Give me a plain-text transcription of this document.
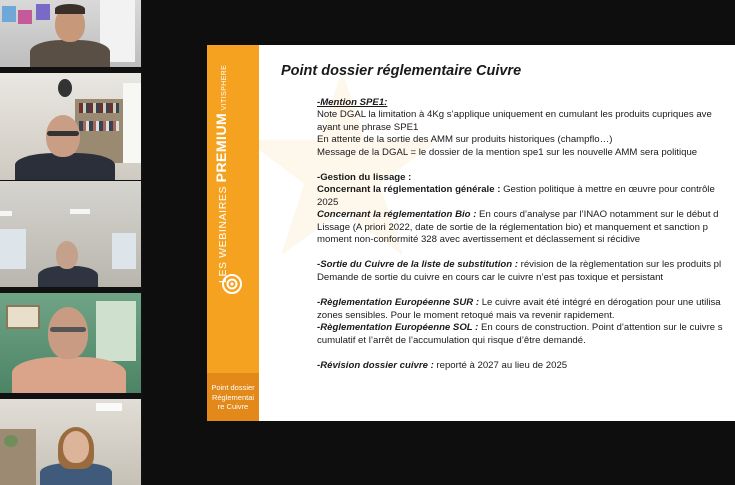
LES WEBINAIRES PREMIUM VITISPHERE
Point dossier
Réglementai
re Cuivre
Point dossier réglementaire Cuivre

-Mention SPE1:

Note DGAL la limitation à 4Kg s’applique uniquement en cumulant les produits cupriques ave

ayant une phrase SPE1

En attente de la sortie des AMM sur produits historiques (champflo…)

Message de la DGAL = le dossier de la mention spe1 sur les nouvelle AMM sera politique

-Gestion du lissage :

Concernant la réglementation générale : Gestion politique à mettre en œuvre pour contrôle

2025

Concernant la réglementation Bio : En cours d’analyse par l’INAO notamment sur le début d

Lissage (A priori 2022, date de sortie de la réglementation bio) et manquement et sanction p

moment non-conformité 328 avec avertissement et déclassement si récidive

-Sortie du Cuivre de la liste de substitution : révision de la règlementation sur les produits pl

Demande de sortie du cuivre en cours car le cuivre n’est pas toxique et persistant

-Règlementation Européenne SUR : Le cuivre avait été intégré en dérogation pour une utilisa

zones sensibles. Pour le moment retoqué mais va revenir rapidement.

-Règlementation Européenne SOL : En cours de construction. Point d’attention sur le cuivre s

cumulatif et l’arrêt de l’accumulation qui risque d’être demandé.

-Révision dossier cuivre : reporté à 2027 au lieu de 2025
